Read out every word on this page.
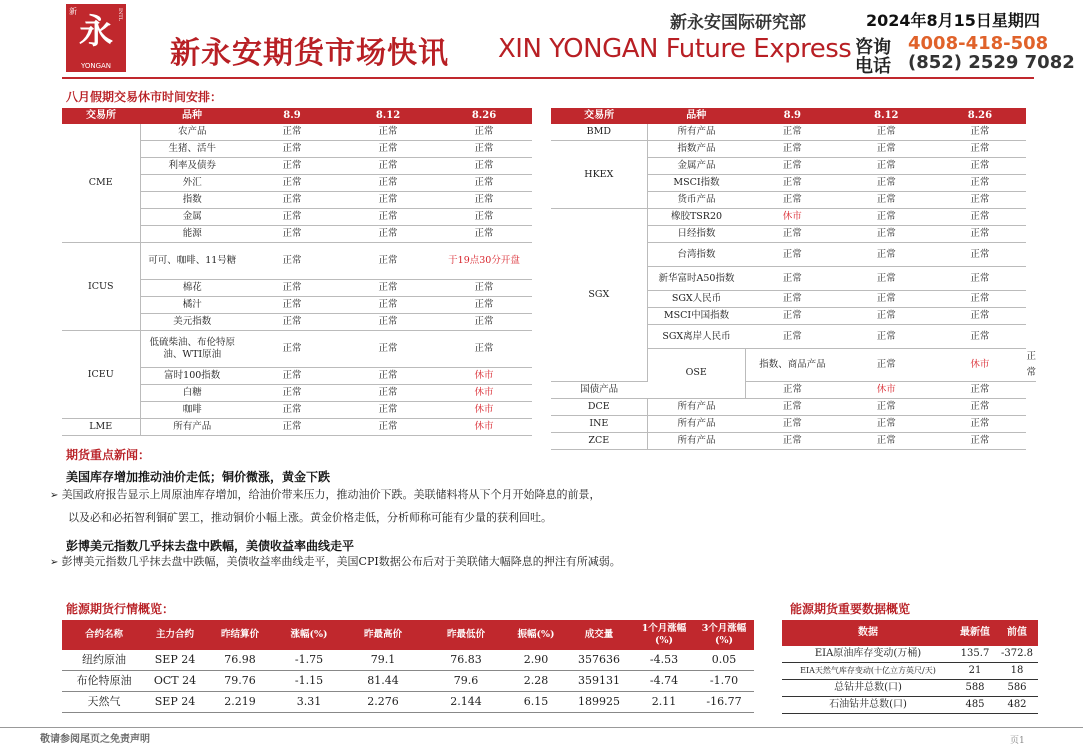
新	INTL
永
YONGAN	新永安期货市场快讯 XIN YONGAN Future Express
新永安国际研究部	2024年8月15日星期四
咨询 4008-418-508
电话 (852) 2529 7082
八月假期交易休市时间安排：
交易所	品种	8.9	8.12	8.26
CME	农产品	正常	正常	正常
	生猪、活牛	正常	正常	正常
	利率及债券	正常	正常	正常
	外汇	正常	正常	正常
	指数	正常	正常	正常
	金属	正常	正常	正常
	能源	正常	正常	正常
ICUS	可可、咖啡、11号糖	正常	正常	于19点30分开盘
	棉花	正常	正常	正常
	橘汁	正常	正常	正常
	美元指数	正常	正常	正常
ICEU	低硫柴油、布伦特原油、WTI原油	正常	正常	正常
	富时100指数	正常	正常	休市
	白糖	正常	正常	休市
	咖啡	正常	正常	休市
LME	所有产品	正常	正常	休市
交易所	品种	8.9	8.12	8.26	
BMD	所有产品	正常	正常	正常	
HKEX	指数产品	正常	正常	正常	
	金属产品	正常	正常	正常	
	MSCI指数	正常	正常	正常	
	货币产品	正常	正常	正常	
SGX	橡胶TSR20	休市	正常	正常	
	日经指数	正常	正常	正常	
	台湾指数	正常	正常	正常	
	新华富时A50指数	正常	正常	正常	
	SGX人民币	正常	正常	正常	
	MSCI中国指数	正常	正常	正常	
	SGX离岸人民币	正常	正常	正常	
	OSE	指数、商品产品	正常	休市	正常
国债产品		正常	休市	正常	
DCE	所有产品	正常	正常	正常	
INE	所有产品	正常	正常	正常	
ZCE	所有产品	正常	正常	正常	
期货重点新闻：
美国库存增加推动油价走低；铜价微涨，黄金下跌
➢ 美国政府报告显示上周原油库存增加，给油价带来压力，推动油价下跌。美联储料将从下个月开始降息的前景，
以及必和必拓智利铜矿罢工，推动铜价小幅上涨。黄金价格走低，分析师称可能有少量的获利回吐。
彭博美元指数几乎抹去盘中跌幅，美债收益率曲线走平
➢ 彭博美元指数几乎抹去盘中跌幅，美债收益率曲线走平，美国CPI数据公布后对于美联储大幅降息的押注有所减弱。
能源期货行情概览：
合约名称	主力合约	昨结算价	涨幅(%)	昨最高价	昨最低价	振幅(%)	成交量	1个月涨幅(%)	3个月涨幅(%)
纽约原油	SEP 24	76.98	-1.75	79.1	76.83	2.90	357636	-4.53	0.05
布伦特原油	OCT 24	79.76	-1.15	81.44	79.6	2.28	359131	-4.74	-1.70
天然气	SEP 24	2.219	3.31	2.276	2.144	6.15	189925	2.11	-16.77
能源期货重要数据概览
数据	最新值	前值
EIA原油库存变动(万桶)	135.7	-372.8
EIA天然气库存变动(十亿立方英尺/天)	21	18
总钻井总数(口)	588	586
石油钻井总数(口)	485	482
敬请参阅尾页之免责声明	页1
